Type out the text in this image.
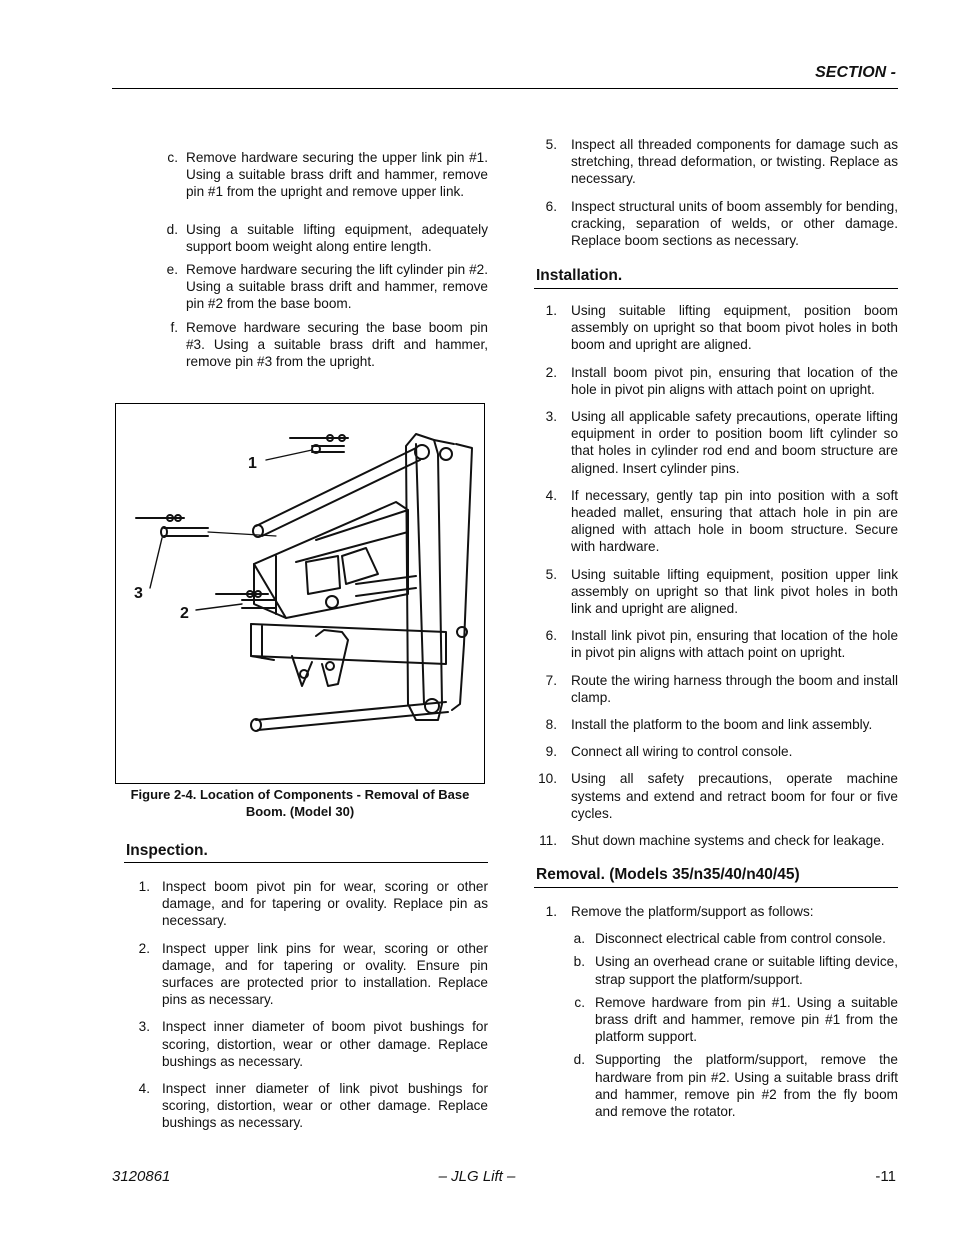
SECTION -
c. Remove hardware securing the upper link pin #1. Using a suitable brass drift and hammer, remove pin #1 from the upright and remove upper link.
d. Using a suitable lifting equipment, adequately support boom weight along entire length.
e. Remove hardware securing the lift cylinder pin #2. Using a suitable brass drift and hammer, remove pin #2 from the base boom.
f. Remove hardware securing the base boom pin #3. Using a suitable brass drift and hammer, remove pin #3 from the upright.
1
2
3
Figure 2-4. Location of Components - Removal of Base
Boom. (Model 30)
Inspection.
1. Inspect boom pivot pin for wear, scoring or other damage, and for tapering or ovality. Replace pin as necessary.
2. Inspect upper link pins for wear, scoring or other damage, and for tapering or ovality. Ensure pin surfaces are protected prior to installation. Replace pins as necessary.
3. Inspect inner diameter of boom pivot bushings for scoring, distortion, wear or other damage. Replace bushings as necessary.
4. Inspect inner diameter of link pivot bushings for scoring, distortion, wear or other damage. Replace bushings as necessary.
5. Inspect all threaded components for damage such as stretching, thread deformation, or twisting. Replace as necessary.
6. Inspect structural units of boom assembly for bending, cracking, separation of welds, or other damage. Replace boom sections as necessary.
Installation.
1. Using suitable lifting equipment, position boom assembly on upright so that boom pivot holes in both boom and upright are aligned.
2. Install boom pivot pin, ensuring that location of the hole in pivot pin aligns with attach point on upright.
3. Using all applicable safety precautions, operate lifting equipment in order to position boom lift cylinder so that holes in cylinder rod end and boom structure are aligned. Insert cylinder pins.
4. If necessary, gently tap pin into position with a soft headed mallet, ensuring that attach hole in pin are aligned with attach hole in boom structure. Secure with hardware.
5. Using suitable lifting equipment, position upper link assembly on upright so that link pivot holes in both link and upright are aligned.
6. Install link pivot pin, ensuring that location of the hole in pivot pin aligns with attach point on upright.
7. Route the wiring harness through the boom and install clamp.
8. Install the platform to the boom and link assembly.
9. Connect all wiring to control console.
10. Using all safety precautions, operate machine systems and extend and retract boom for four or five cycles.
11. Shut down machine systems and check for leakage.
Removal. (Models 35/n35/40/n40/45)
1. Remove the platform/support as follows:
a. Disconnect electrical cable from control console.
b. Using an overhead crane or suitable lifting device, strap support the platform/support.
c. Remove hardware from pin #1. Using a suitable brass drift and hammer, remove pin #1 from the platform support.
d. Supporting the platform/support, remove the hardware from pin #2. Using a suitable brass drift and hammer, remove pin #2 from the fly boom and remove the rotator.
3120861	– JLG Lift –	-11
